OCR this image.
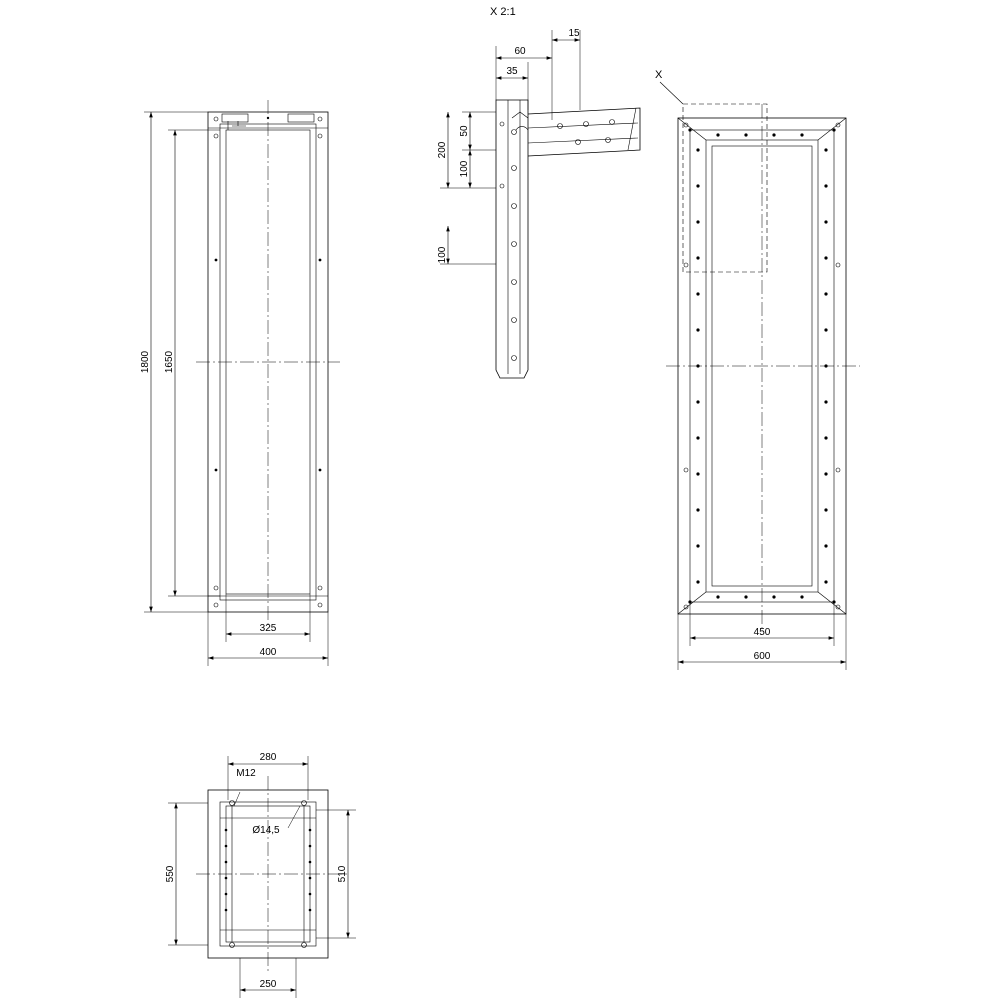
1800 1650
325
400
X 2:1
15
60
35
50
100
200
100
X
450
600
M12
Ø14,5
280
250
550	510
